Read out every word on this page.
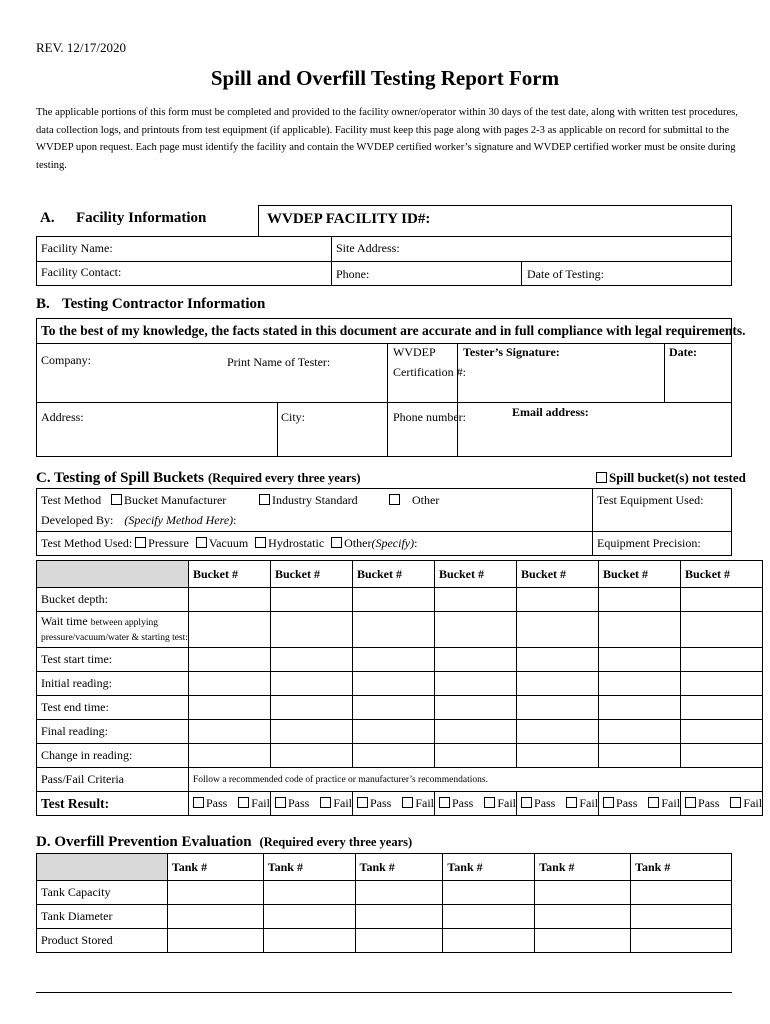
REV. 12/17/2020
Spill and Overfill Testing Report Form
The applicable portions of this form must be completed and provided to the facility owner/operator within 30 days of the test date, along with written test procedures, data collection logs, and printouts from test equipment (if applicable). Facility must keep this page along with pages 2-3 as applicable on record for submittal to the WVDEP upon request. Each page must identify the facility and contain the WVDEP certified worker’s signature and WVDEP certified worker must be onsite during testing.
A. Facility Information	WVDEP FACILITY ID#:
Facility Name:	Site Address:
Facility Contact:	Phone:	Date of Testing:
B. Testing Contractor Information
To the best of my knowledge, the facts stated in this document are accurate and in full compliance with legal requirements.
Company:	Print Name of Tester:
WVDEP
Certification #:
Tester’s Signature:	Date:
Address:	City:	Phone number:	Email address:
C. Testing of Spill Buckets (Required every three years)	Spill bucket(s) not tested
Test Method	Bucket Manufacturer	Industry Standard	Other
Developed By: (Specify Method Here):
Test Equipment Used:
Test Method Used: Pressure Vacuum Hydrostatic Other(Specify):	Equipment Precision:
	Bucket #	Bucket #	Bucket #	Bucket #	Bucket #	Bucket #	Bucket #
Bucket depth:							
Wait time between applying
pressure/vacuum/water & starting test:							
Test start time:							
Initial reading:							
Test end time:							
Final reading:							
Change in reading:							
Pass/Fail Criteria	Follow a recommended code of practice or manufacturer’s recommendations.						
Test Result:	Pass Fail	Pass Fail	Pass Fail	Pass Fail	Pass Fail	Pass Fail	Pass Fail
D. Overfill Prevention Evaluation (Required every three years)
	Tank #	Tank #	Tank #	Tank #	Tank #	Tank #
Tank Capacity						
Tank Diameter						
Product Stored						
